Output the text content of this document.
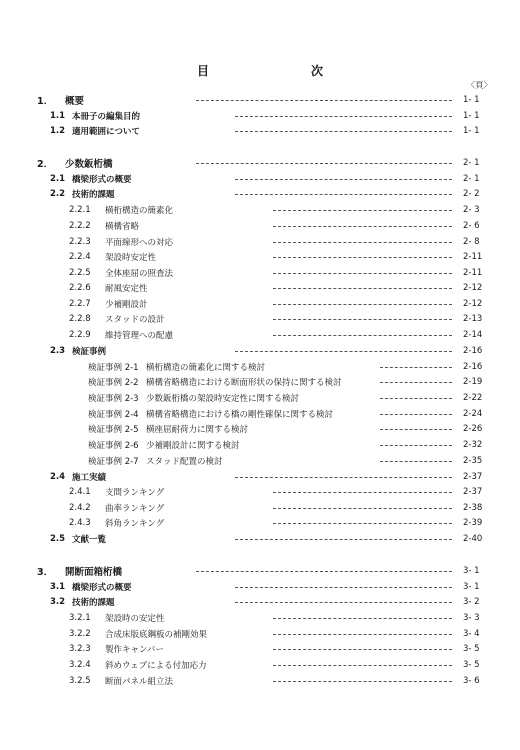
目　　次
〈頁〉
1．	概要	1- 1
1.1 本冊子の編集目的	1- 1
1.2 適用範囲について	1- 1
2．	少数鈑桁橋	2- 1
2.1 橋梁形式の概要	2- 1
2.2 技術的課題	2- 2
2.2.1	横桁構造の簡素化	2- 3
2.2.2	横構省略	2- 6
2.2.3	平面線形への対応	2- 8
2.2.4	架設時安定性	2-11
2.2.5	全体座屈の照査法	2-11
2.2.6	耐風安定性	2-12
2.2.7	少補剛設計	2-12
2.2.8	スタッドの設計	2-13
2.2.9	維持管理への配慮	2-14
2.3 検証事例	2-16
検証事例 2-1 横桁構造の簡素化に関する検討	2-16
検証事例 2-2 横構省略構造における断面形状の保持に関する検討	2-19
検証事例 2-3 少数鈑桁橋の架設時安定性に関する検討	2-22
検証事例 2-4 横構省略構造における橋の剛性確保に関する検討	2-24
検証事例 2-5 横座屈耐荷力に関する検討	2-26
検証事例 2-6 少補剛設計に関する検討	2-32
検証事例 2-7 スタッド配置の検討	2-35
2.4 施工実績	2-37
2.4.1	支間ランキング	2-37
2.4.2	曲率ランキング	2-38
2.4.3	斜角ランキング	2-39
2.5 文献一覧	2-40
3．	開断面箱桁橋	3- 1
3.1 橋梁形式の概要	3- 1
3.2 技術的課題	3- 2
3.2.1	架設時の安定性	3- 3
3.2.2	合成床版底鋼板の補剛効果	3- 4
3.2.3	製作キャンバー	3- 5
3.2.4	斜めウェブによる付加応力	3- 5
3.2.5	断面パネル組立法	3- 6
